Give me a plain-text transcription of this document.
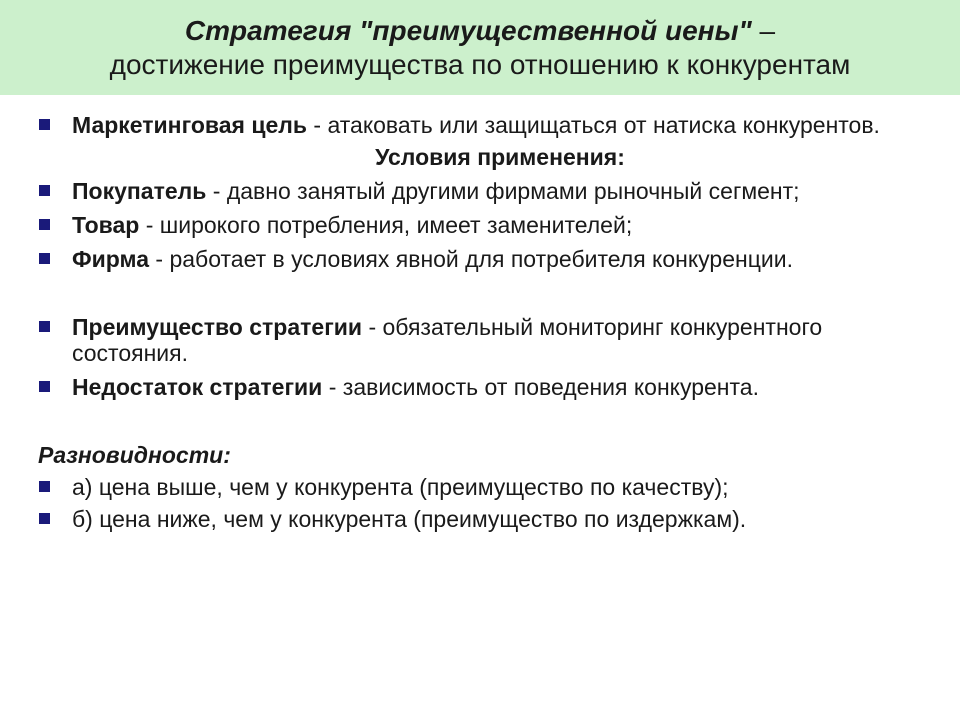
Стратегия "преимущественной иены" –
достижение преимущества по отношению к конкурентам

Маркетинговая цель - атаковать или защищаться от натиска конкурентов.

Условия применения:

Покупатель - давно занятый другими фирмами рыночный сегмент;

Товар - широкого потребления, имеет заменителей;

Фирма - работает в условиях явной для потребителя конкуренции.

Преимущество стратегии - обязательный мониторинг конкурентного состояния.

Недостаток стратегии - зависимость от поведения конкурента.

Разновидности:

а) цена выше, чем у конкурента (преимущество по качеству);

б) цена ниже, чем у конкурента (преимущество по издержкам).
